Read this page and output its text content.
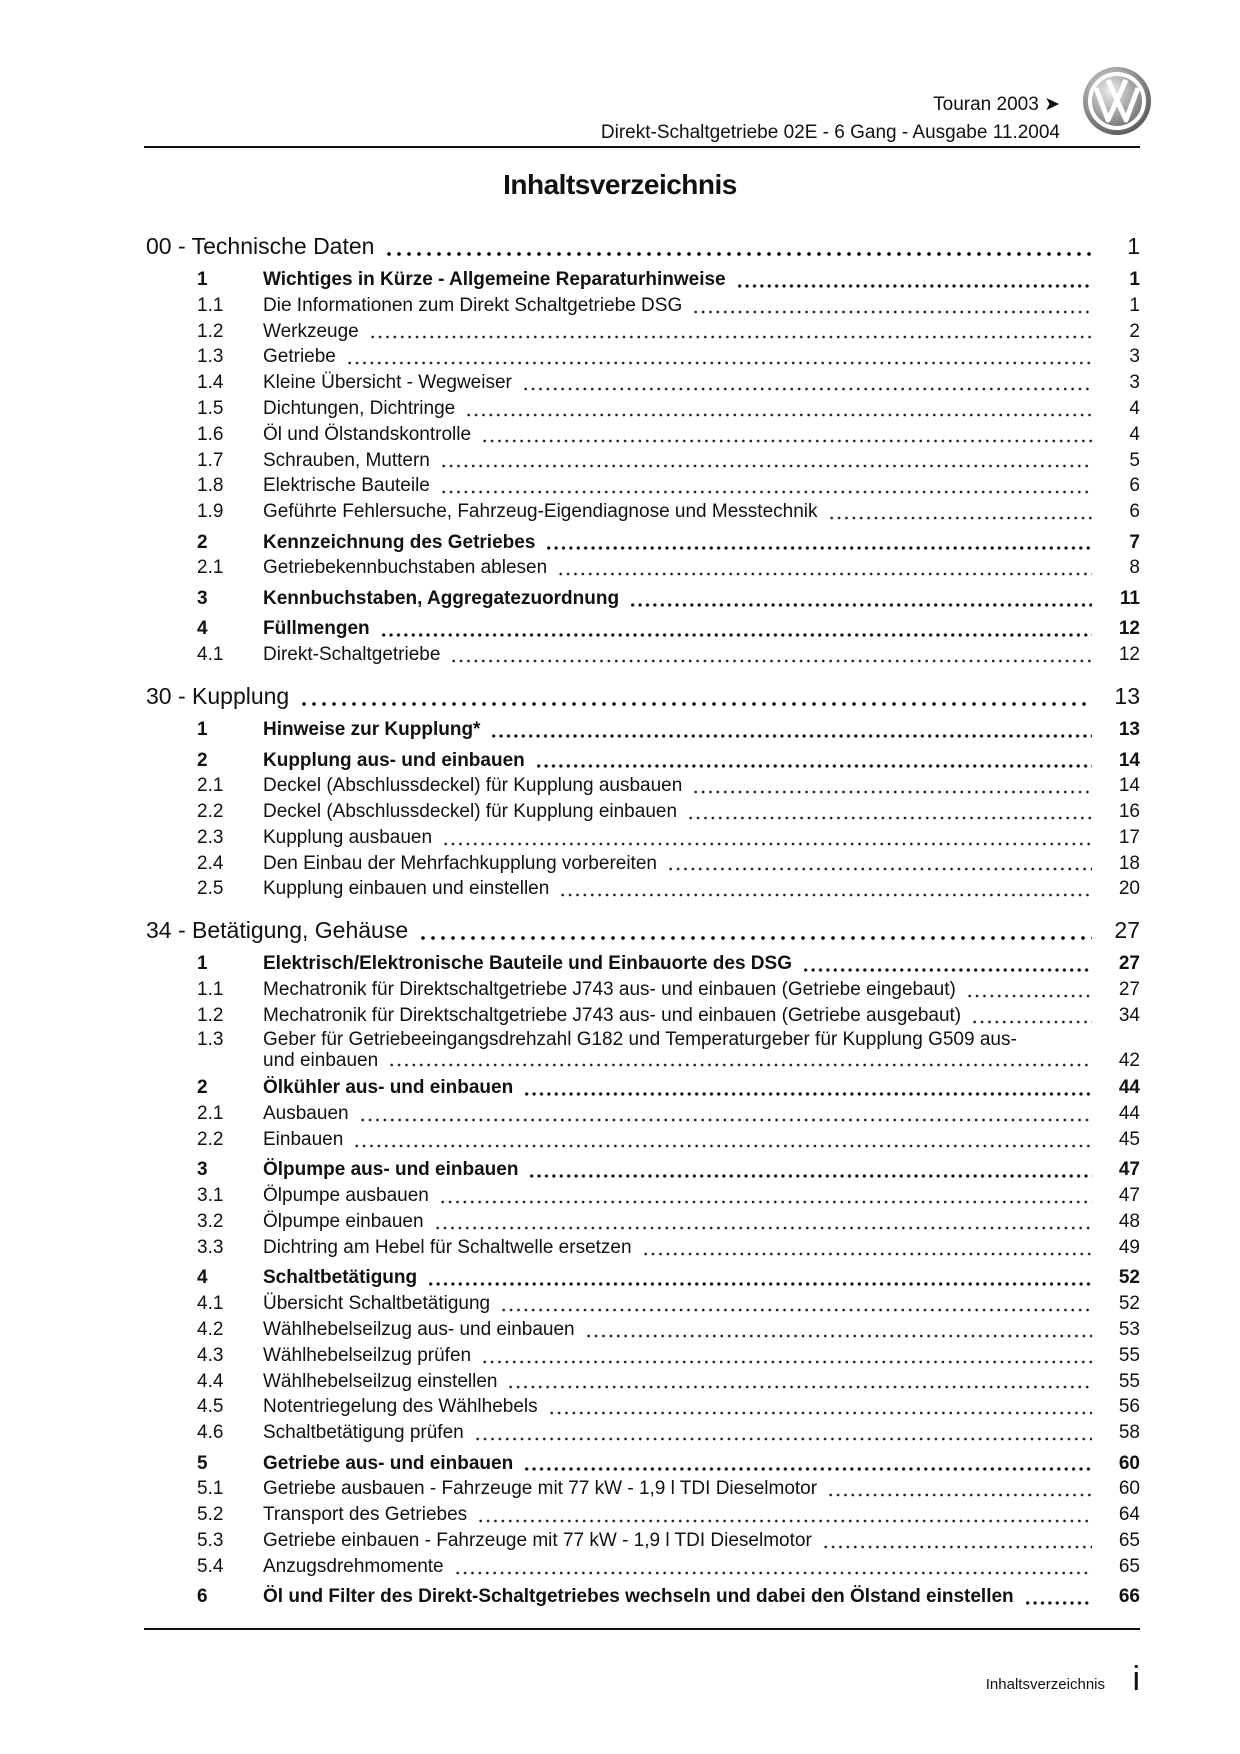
Touran 2003 ➤
Direkt-Schaltgetriebe 02E - 6 Gang - Ausgabe 11.2004
Inhaltsverzeichnis
00 - Technische Daten	1
1	Wichtiges in Kürze - Allgemeine Reparaturhinweise	1
1.1	Die Informationen zum Direkt Schaltgetriebe DSG	1
1.2	Werkzeuge	2
1.3	Getriebe	3
1.4	Kleine Übersicht - Wegweiser	3
1.5	Dichtungen, Dichtringe	4
1.6	Öl und Ölstandskontrolle	4
1.7	Schrauben, Muttern	5
1.8	Elektrische Bauteile	6
1.9	Geführte Fehlersuche, Fahrzeug-Eigendiagnose und Messtechnik	6
2	Kennzeichnung des Getriebes	7
2.1	Getriebekennbuchstaben ablesen	8
3	Kennbuchstaben, Aggregatezuordnung	11
4	Füllmengen	12
4.1	Direkt-Schaltgetriebe	12
30 - Kupplung	13
1	Hinweise zur Kupplung*	13
2	Kupplung aus- und einbauen	14
2.1	Deckel (Abschlussdeckel) für Kupplung ausbauen	14
2.2	Deckel (Abschlussdeckel) für Kupplung einbauen	16
2.3	Kupplung ausbauen	17
2.4	Den Einbau der Mehrfachkupplung vorbereiten	18
2.5	Kupplung einbauen und einstellen	20
34 - Betätigung, Gehäuse	27
1	Elektrisch/Elektronische Bauteile und Einbauorte des DSG	27
1.1	Mechatronik für Direktschaltgetriebe J743 aus- und einbauen (Getriebe eingebaut)	27
1.2	Mechatronik für Direktschaltgetriebe J743 aus- und einbauen (Getriebe ausgebaut)	34
1.3	Geber für Getriebeeingangsdrehzahl G182 und Temperaturgeber für Kupplung G509 aus-
und einbauen	42
2	Ölkühler aus- und einbauen	44
2.1	Ausbauen	44
2.2	Einbauen	45
3	Ölpumpe aus- und einbauen	47
3.1	Ölpumpe ausbauen	47
3.2	Ölpumpe einbauen	48
3.3	Dichtring am Hebel für Schaltwelle ersetzen	49
4	Schaltbetätigung	52
4.1	Übersicht Schaltbetätigung	52
4.2	Wählhebelseilzug aus- und einbauen	53
4.3	Wählhebelseilzug prüfen	55
4.4	Wählhebelseilzug einstellen	55
4.5	Notentriegelung des Wählhebels	56
4.6	Schaltbetätigung prüfen	58
5	Getriebe aus- und einbauen	60
5.1	Getriebe ausbauen - Fahrzeuge mit 77 kW - 1,9 l TDI Dieselmotor	60
5.2	Transport des Getriebes	64
5.3	Getriebe einbauen - Fahrzeuge mit 77 kW - 1,9 l TDI Dieselmotor	65
5.4	Anzugsdrehmomente	65
6	Öl und Filter des Direkt-Schaltgetriebes wechseln und dabei den Ölstand einstellen	66
Inhaltsverzeichnis i
